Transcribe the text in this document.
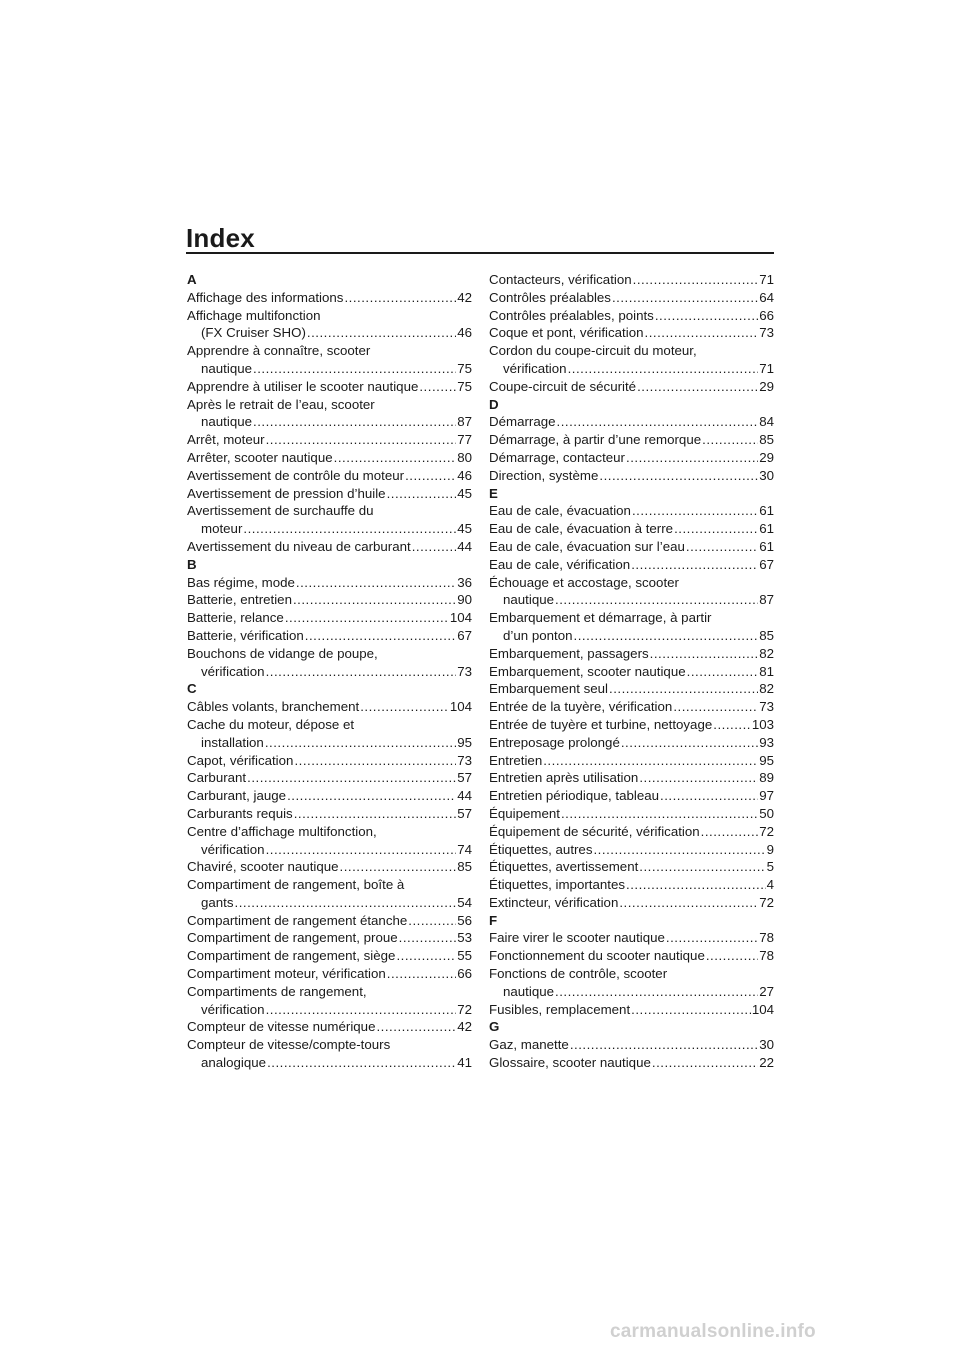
Index
A
Affichage des informations .....	42
Affichage multifonction
(FX Cruiser SHO) .....	46
Apprendre à connaître, scooter
nautique .....	75
Apprendre à utiliser le scooter nautique .....	75
Après le retrait de l’eau, scooter
nautique .....	87
Arrêt, moteur .....	77
Arrêter, scooter nautique .....	80
Avertissement de contrôle du moteur .....	46
Avertissement de pression d’huile .....	45
Avertissement de surchauffe du
moteur .....	45
Avertissement du niveau de carburant .....	44
B
Bas régime, mode .....	36
Batterie, entretien .....	90
Batterie, relance .....	104
Batterie, vérification .....	67
Bouchons de vidange de poupe,
vérification .....	73
C
Câbles volants, branchement .....	104
Cache du moteur, dépose et
installation .....	95
Capot, vérification .....	73
Carburant .....	57
Carburant, jauge .....	44
Carburants requis .....	57
Centre d’affichage multifonction,
vérification .....	74
Chaviré, scooter nautique .....	85
Compartiment de rangement, boîte à
gants .....	54
Compartiment de rangement étanche .....	56
Compartiment de rangement, proue .....	53
Compartiment de rangement, siège .....	55
Compartiment moteur, vérification .....	66
Compartiments de rangement,
vérification .....	72
Compteur de vitesse numérique .....	42
Compteur de vitesse/compte-tours
analogique .....	41
Contacteurs, vérification .....	71
Contrôles préalables .....	64
Contrôles préalables, points .....	66
Coque et pont, vérification .....	73
Cordon du coupe-circuit du moteur,
vérification .....	71
Coupe-circuit de sécurité .....	29
D
Démarrage .....	84
Démarrage, à partir d’une remorque .....	85
Démarrage, contacteur .....	29
Direction, système .....	30
E
Eau de cale, évacuation .....	61
Eau de cale, évacuation à terre .....	61
Eau de cale, évacuation sur l’eau .....	61
Eau de cale, vérification .....	67
Échouage et accostage, scooter
nautique .....	87
Embarquement et démarrage, à partir
d’un ponton .....	85
Embarquement, passagers .....	82
Embarquement, scooter nautique .....	81
Embarquement seul .....	82
Entrée de la tuyère, vérification .....	73
Entrée de tuyère et turbine, nettoyage .....	103
Entreposage prolongé .....	93
Entretien .....	95
Entretien après utilisation .....	89
Entretien périodique, tableau .....	97
Équipement .....	50
Équipement de sécurité, vérification .....	72
Étiquettes, autres .....	9
Étiquettes, avertissement .....	5
Étiquettes, importantes .....	4
Extincteur, vérification .....	72
F
Faire virer le scooter nautique .....	78
Fonctionnement du scooter nautique .....	78
Fonctions de contrôle, scooter
nautique .....	27
Fusibles, remplacement .....	104
G
Gaz, manette .....	30
Glossaire, scooter nautique .....	22
carmanualsonline.info
